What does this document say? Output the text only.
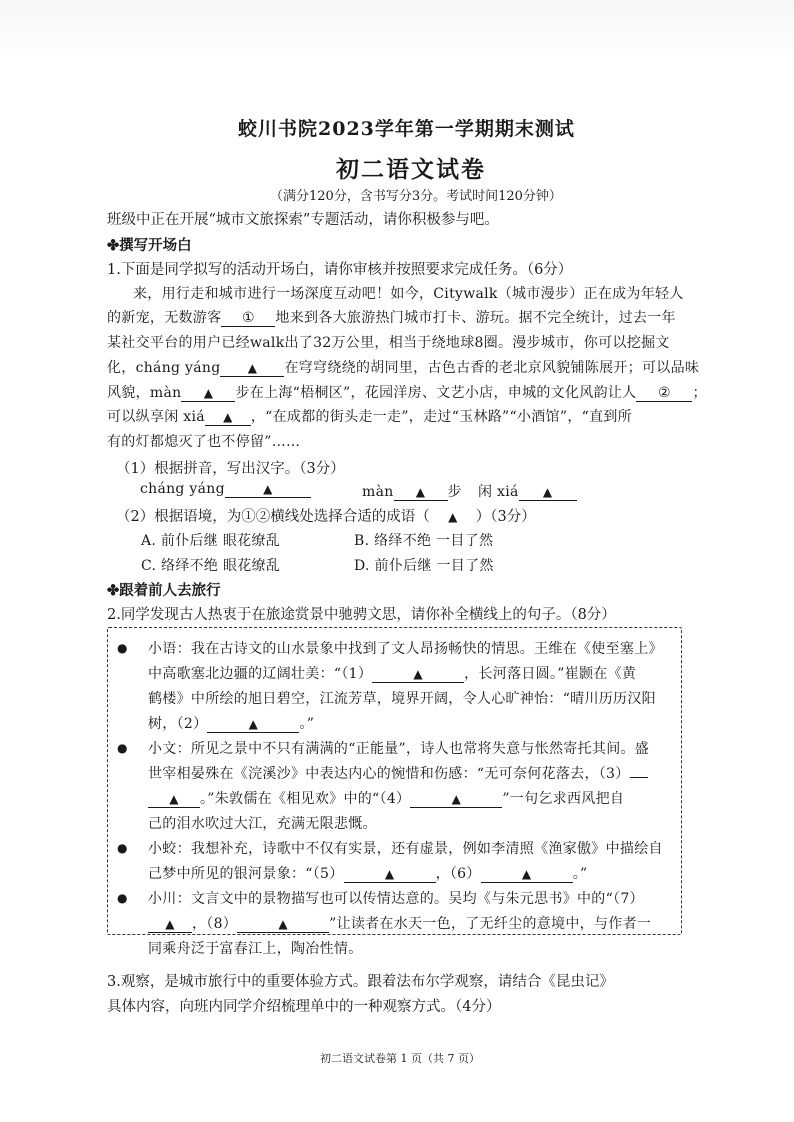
蛟川书院2023学年第一学期期末测试
初二语文试卷
（满分120分，含书写分3分。考试时间120分钟）
班级中正在开展“城市文旅探索”专题活动，请你积极参与吧。
✤撰写开场白
1.下面是同学拟写的活动开场白，请你审核并按照要求完成任务。（6分）
来，用行走和城市进行一场深度互动吧！如今，Citywalk（城市漫步）正在成为年轻人
的新宠，无数游客 ① 地来到各大旅游热门城市打卡、游玩。据不完全统计，过去一年
某社交平台的用户已经walk出了32万公里，相当于绕地球8圈。漫步城市，你可以挖掘文
化，cháng yáng ▲ 在穹穹绕绕的胡同里，古色古香的老北京风貌铺陈展开；可以品味
风貌，màn ▲ 步在上海“梧桐区”，花园洋房、文艺小店，申城的文化风韵让人 ② ；
可以纵享闲 xiá ▲ ，“在成都的街头走一走”，走过“玉林路”“小酒馆”，“直到所
有的灯都熄灭了也不停留”……
（1）根据拼音，写出汉字。（3分）
cháng yáng	▲	màn ▲ 步 闲 xiá ▲
（2）根据语境，为①②横线处选择合适的成语（ ▲ ）（3分）
A. 前仆后继 眼花缭乱	B. 络绎不绝 一目了然
C. 络绎不绝 眼花缭乱	D. 前仆后继 一目了然
✤跟着前人去旅行
2.同学发现古人热衷于在旅途赏景中驰骋文思，请你补全横线上的句子。（8分）
● 小语：我在古诗文的山水景象中找到了文人昂扬畅快的情思。王维在《使至塞上》
中高歌塞北边疆的辽阔壮美：“（1）	▲	，长河落日圆。”崔颢在《黄
鹤楼》中所绘的旭日碧空，江流芳草，境界开阔，令人心旷神怡：“晴川历历汉阳
树，（2）	▲	。”
● 小文：所见之景中不只有满满的“正能量”，诗人也常将失意与怅然寄托其间。盛
世宰相晏殊在《浣溪沙》中表达内心的惋惜和伤感：“无可奈何花落去，（3）
▲ 。”朱敦儒在《相见欢》中的“（4）	▲	”一句乞求西风把自
己的泪水吹过大江，充满无限悲慨。
● 小蛟：我想补充，诗歌中不仅有实景，还有虚景，例如李清照《渔家傲》中描绘自
己梦中所见的银河景象：“（5）	▲	，（6）	▲	。”
● 小川：文言文中的景物描写也可以传情达意的。吴均《与朱元思书》中的“（7）
▲ ，（8）	▲	”让读者在水天一色，了无纤尘的意境中，与作者一
同乘舟泛于富春江上，陶冶性情。
3.观察，是城市旅行中的重要体验方式。跟着法布尔学观察，请结合《昆虫记》
具体内容，向班内同学介绍梳理单中的一种观察方式。（4分）
初二语文试卷第 1 页（共 7 页）
